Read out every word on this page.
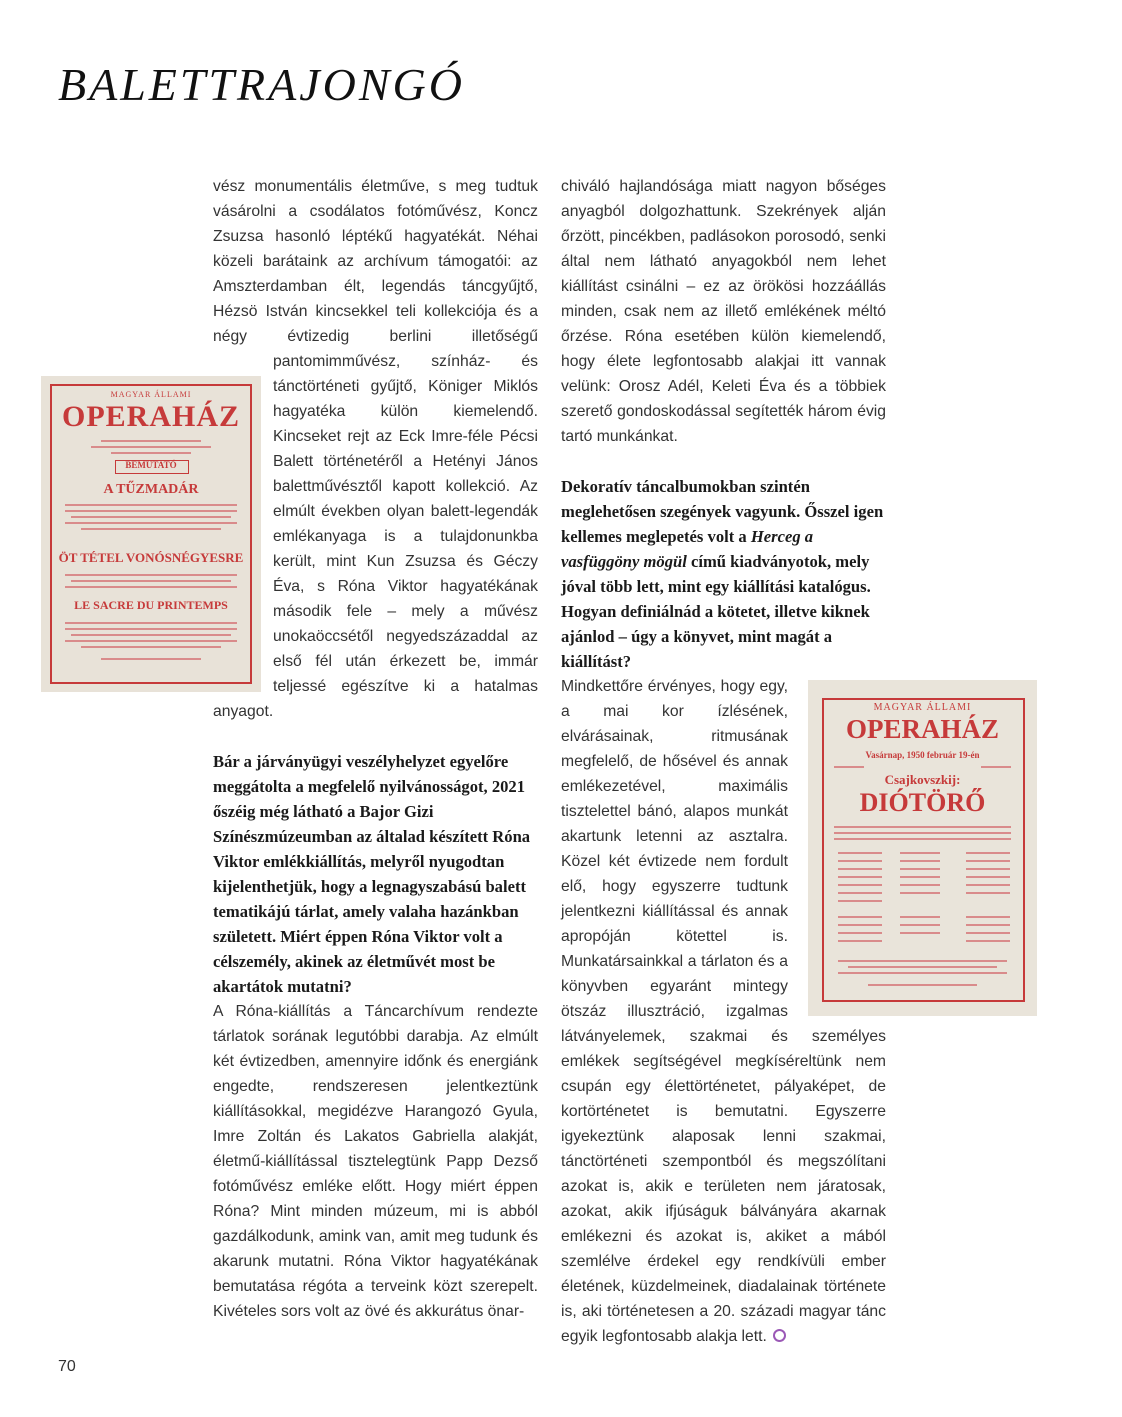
BALETTRAJONGÓ
MAGYAR ÁLLAMI
OPERAHÁZ
BEMUTATÓ
A TŰZMADÁR
ÖT TÉTEL VONÓSNÉGYESRE
LE SACRE DU PRINTEMPS
MAGYAR ÁLLAMI
OPERAHÁZ
Vasárnap, 1950 február 19-én
Csajkovszkij:
DIÓTÖRŐ

vész monumentális életműve, s meg tudtuk vásárolni a csodálatos fotóművész, Koncz Zsuzsa hasonló léptékű hagyatékát. Néhai közeli barátaink az archívum támogatói: az Amszterdamban élt, legendás táncgyűjtő, Hézsö István kincsekkel teli kollekciója és a négy évtizedig berlini illetőségű pantomimművész, színház- és tánctörténeti gyűjtő, Königer Miklós hagyatéka külön kiemelendő. Kincseket rejt az Eck Imre-féle Pécsi Balett történetéről a Hetényi János balettművésztől kapott kollekció. Az elmúlt években olyan balett-legendák emlékanyaga is a tulajdonunkba került, mint Kun Zsuzsa és Géczy Éva, s Róna Viktor hagyatékának második fele – mely a művész unokaöccsétől negyedszázaddal az első fél után érkezett be, immár teljessé egészítve ki a hatalmas anyagot.

Bár a járványügyi veszélyhelyzet egyelőre meggátolta a megfelelő nyilvánosságot, 2021 őszéig még látható a Bajor Gizi Színészmúzeumban az általad készített Róna Viktor emlékkiállítás, melyről nyugodtan kijelenthetjük, hogy a legnagyszabású balett tematikájú tárlat, amely valaha hazánkban született. Miért éppen Róna Viktor volt a célszemély, akinek az életművét most be akartátok mutatni?

A Róna-kiállítás a Táncarchívum rendezte tárlatok sorának legutóbbi darabja. Az elmúlt két évtizedben, amennyire időnk és energiánk engedte, rendszeresen jelentkeztünk kiállításokkal, megidézve Harangozó Gyula, Imre Zoltán és Lakatos Gabriella alakját, életmű-kiállítással tisztelegtünk Papp Dezső fotóművész emléke előtt. Hogy miért éppen Róna? Mint minden múzeum, mi is abból gazdálkodunk, amink van, amit meg tudunk és akarunk mutatni. Róna Viktor hagyatékának bemutatása régóta a terveink közt szerepelt. Kivételes sors volt az övé és akkurátus önar-

chiváló hajlandósága miatt nagyon bőséges anyagból dolgozhattunk. Szekrények alján őrzött, pincékben, padlásokon porosodó, senki által nem látható anyagokból nem lehet kiállítást csinálni – ez az örökösi hozzáállás minden, csak nem az illető emlékének méltó őrzése. Róna esetében külön kiemelendő, hogy élete legfontosabb alakjai itt vannak velünk: Orosz Adél, Keleti Éva és a többiek szerető gondoskodással segítették három évig tartó munkánkat.

Dekoratív táncalbumokban szintén meglehetősen szegények vagyunk. Ősszel igen kellemes meglepetés volt a Herceg a vasfüggöny mögül című kiadványotok, mely jóval több lett, mint egy kiállítási katalógus. Hogyan definiálnád a kötetet, illetve kiknek ajánlod – úgy a könyvet, mint magát a kiállítást?

Mindkettőre érvényes, hogy egy, a mai kor ízlésének, elvárásainak, ritmusának megfelelő, de hősével és annak emlékezetével, maximális tisztelettel bánó, alapos munkát akartunk letenni az asztalra. Közel két évtizede nem fordult elő, hogy egyszerre tudtunk jelentkezni kiállítással és annak apropóján kötettel is. Munkatársainkkal a tárlaton és a könyvben egyaránt mintegy ötszáz illusztráció, izgalmas látványelemek, szakmai és személyes emlékek segítségével megkíséreltünk nem csupán egy élettörténetet, pályaképet, de kortörténetet is bemutatni. Egyszerre igyekeztünk alaposak lenni szakmai, tánctörténeti szempontból és megszólítani azokat is, akik e területen nem járatosak, azokat, akik ifjúságuk bálványára akarnak emlékezni és azokat is, akiket a mából szemlélve érdekel egy rendkívüli ember életének, küzdelmeinek, diadalainak története is, aki történetesen a 20. századi magyar tánc egyik legfontosabb alakja lett.

70
